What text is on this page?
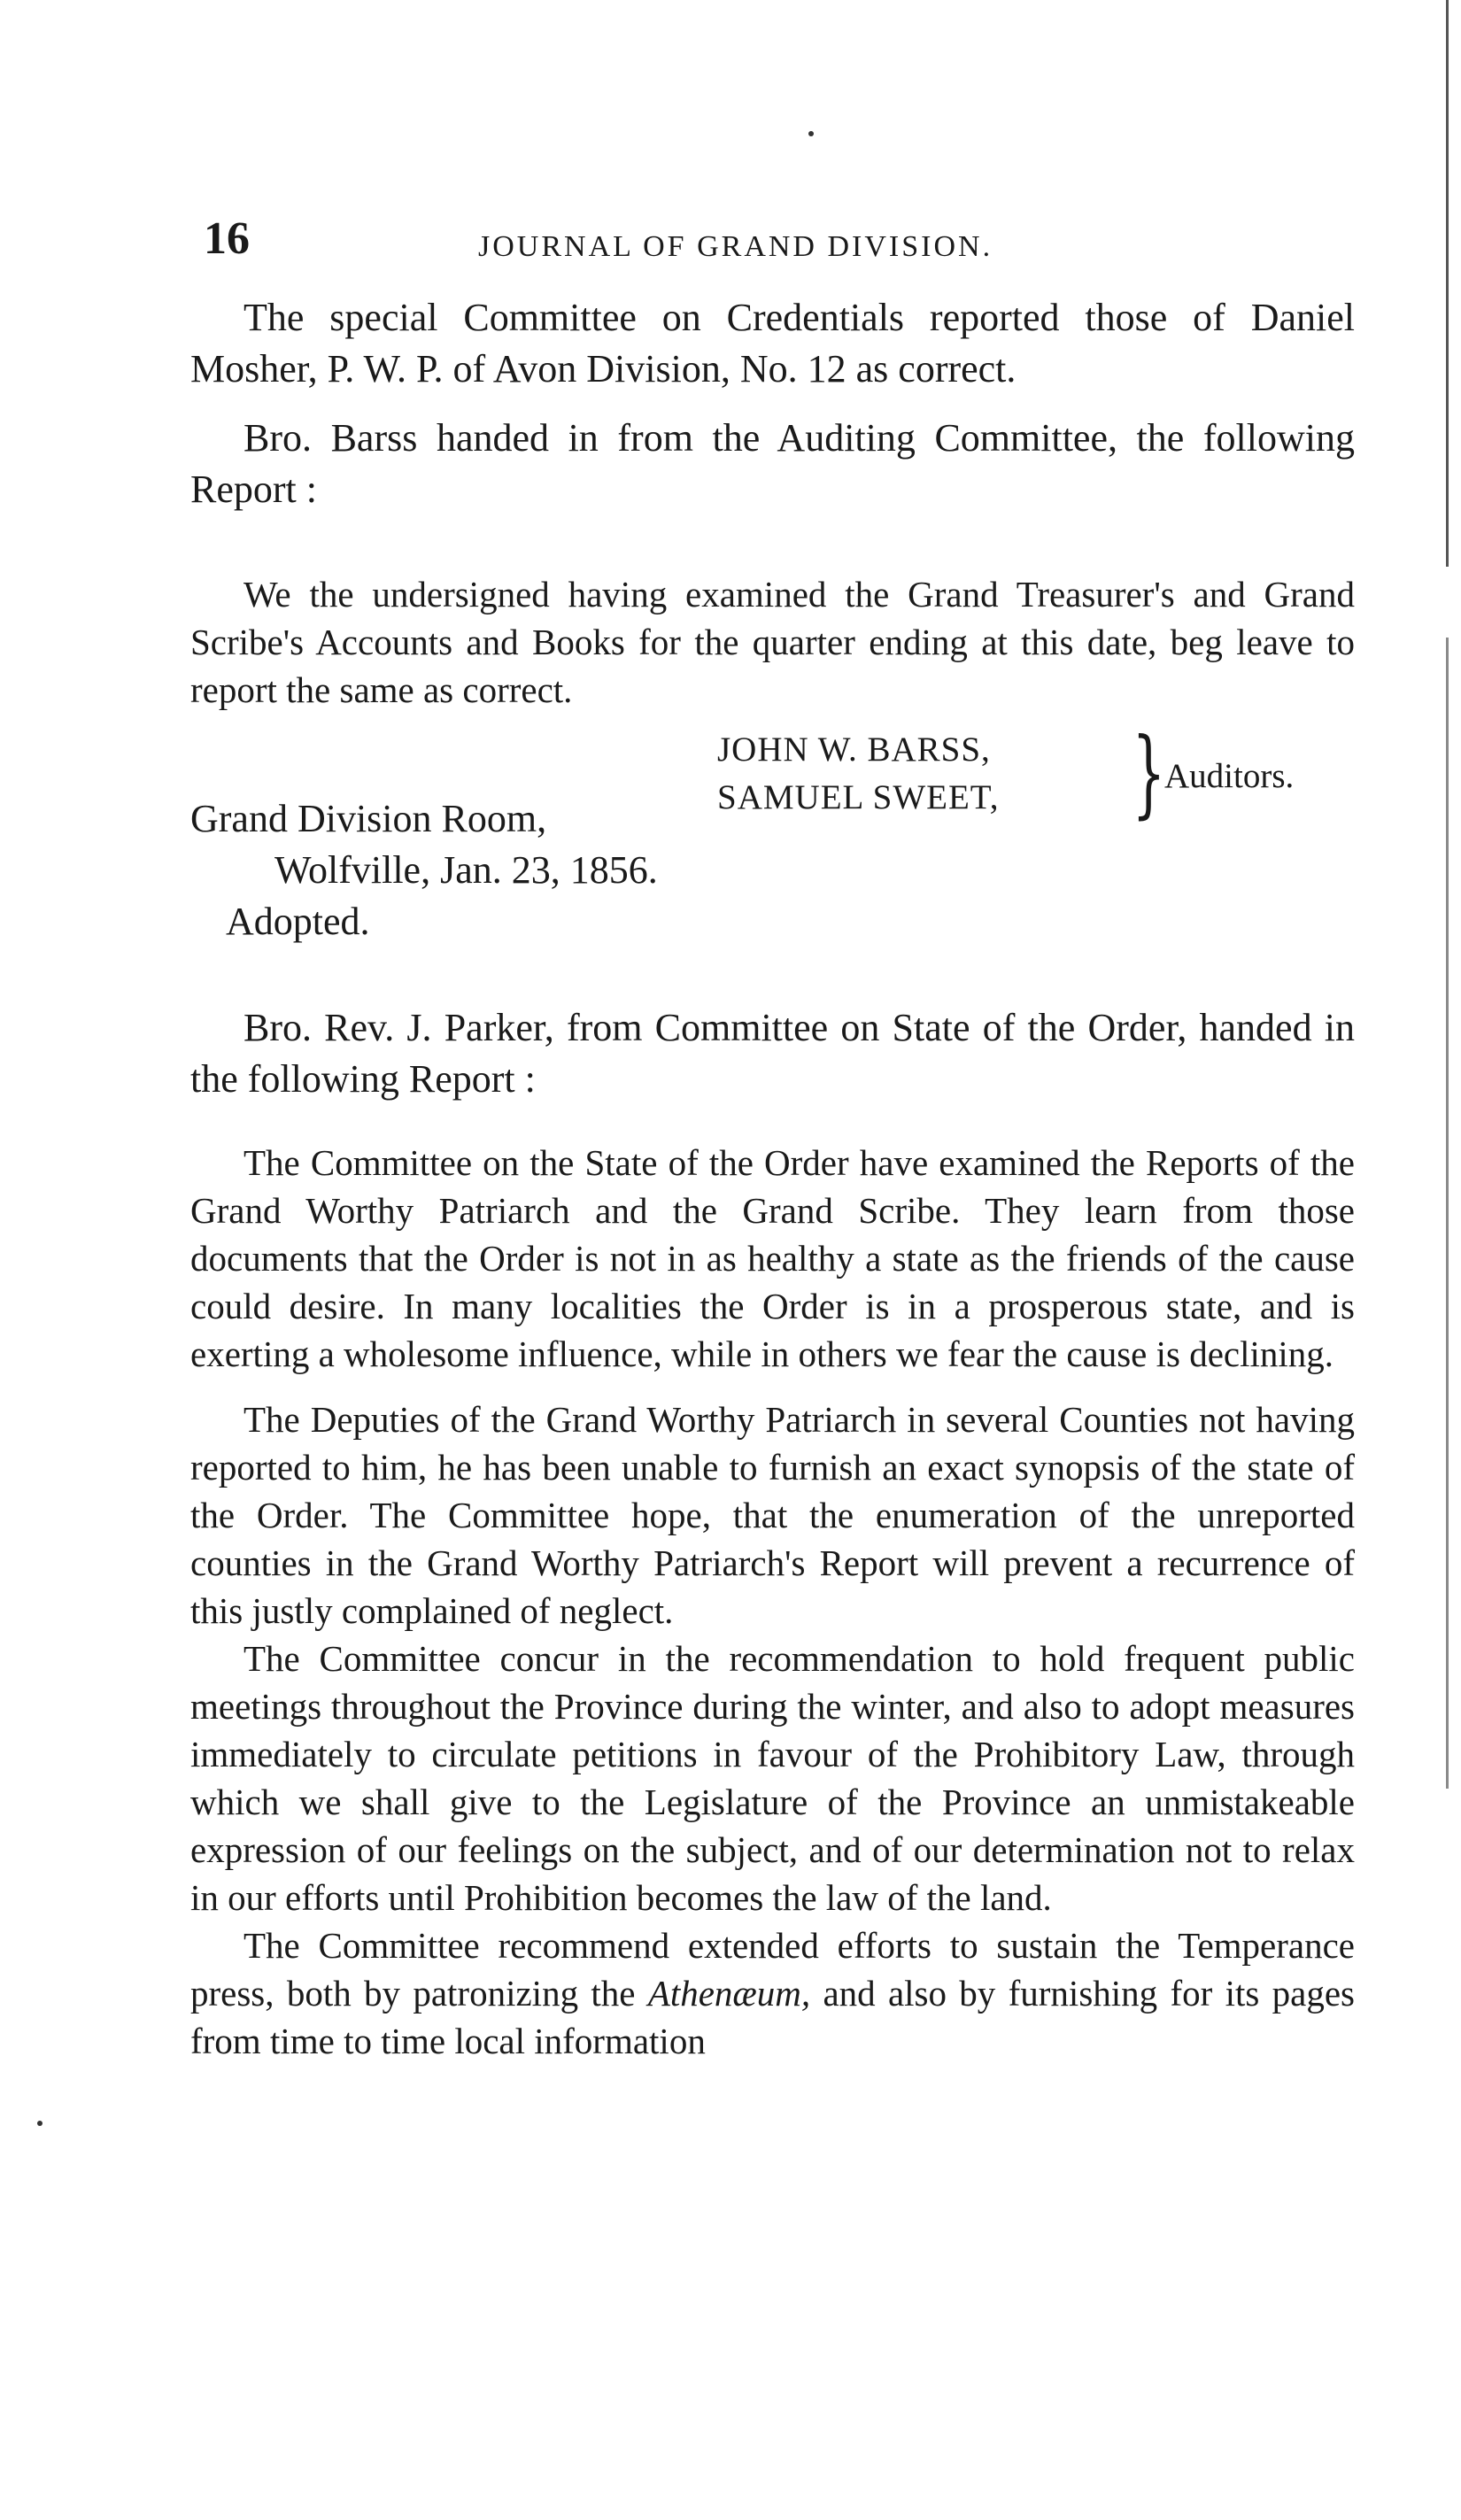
16	JOURNAL OF GRAND DIVISION.

The special Committee on Credentials reported those of Daniel Mosher, P. W. P. of Avon Division, No. 12 as correct.

Bro. Barss handed in from the Auditing Committee, the following Report :

We the undersigned having examined the Grand Treasurer's and Grand Scribe's Accounts and Books for the quarter ending at this date, beg leave to report the same as correct.

JOHN W. BARSS,
SAMUEL SWEET, }
Auditors.
Grand Division Room,
Wolfville, Jan. 23, 1856.

Adopted.

Bro. Rev. J. Parker, from Committee on State of the Order, handed in the following Report :

The Committee on the State of the Order have examined the Reports of the Grand Worthy Patriarch and the Grand Scribe. They learn from those documents that the Order is not in as healthy a state as the friends of the cause could desire. In many localities the Order is in a prosperous state, and is exerting a wholesome influence, while in others we fear the cause is declining.

The Deputies of the Grand Worthy Patriarch in several Counties not having reported to him, he has been unable to furnish an exact synopsis of the state of the Order. The Committee hope, that the enumeration of the unreported counties in the Grand Worthy Patriarch's Report will prevent a recurrence of this justly complained of neglect.

The Committee concur in the recommendation to hold frequent public meetings throughout the Province during the winter, and also to adopt measures immediately to circulate petitions in favour of the Prohibitory Law, through which we shall give to the Legislature of the Province an unmistakeable expression of our feelings on the subject, and of our determination not to relax in our efforts until Prohibition becomes the law of the land.

The Committee recommend extended efforts to sustain the Temperance press, both by patronizing the Athenæum, and also by furnishing for its pages from time to time local information
